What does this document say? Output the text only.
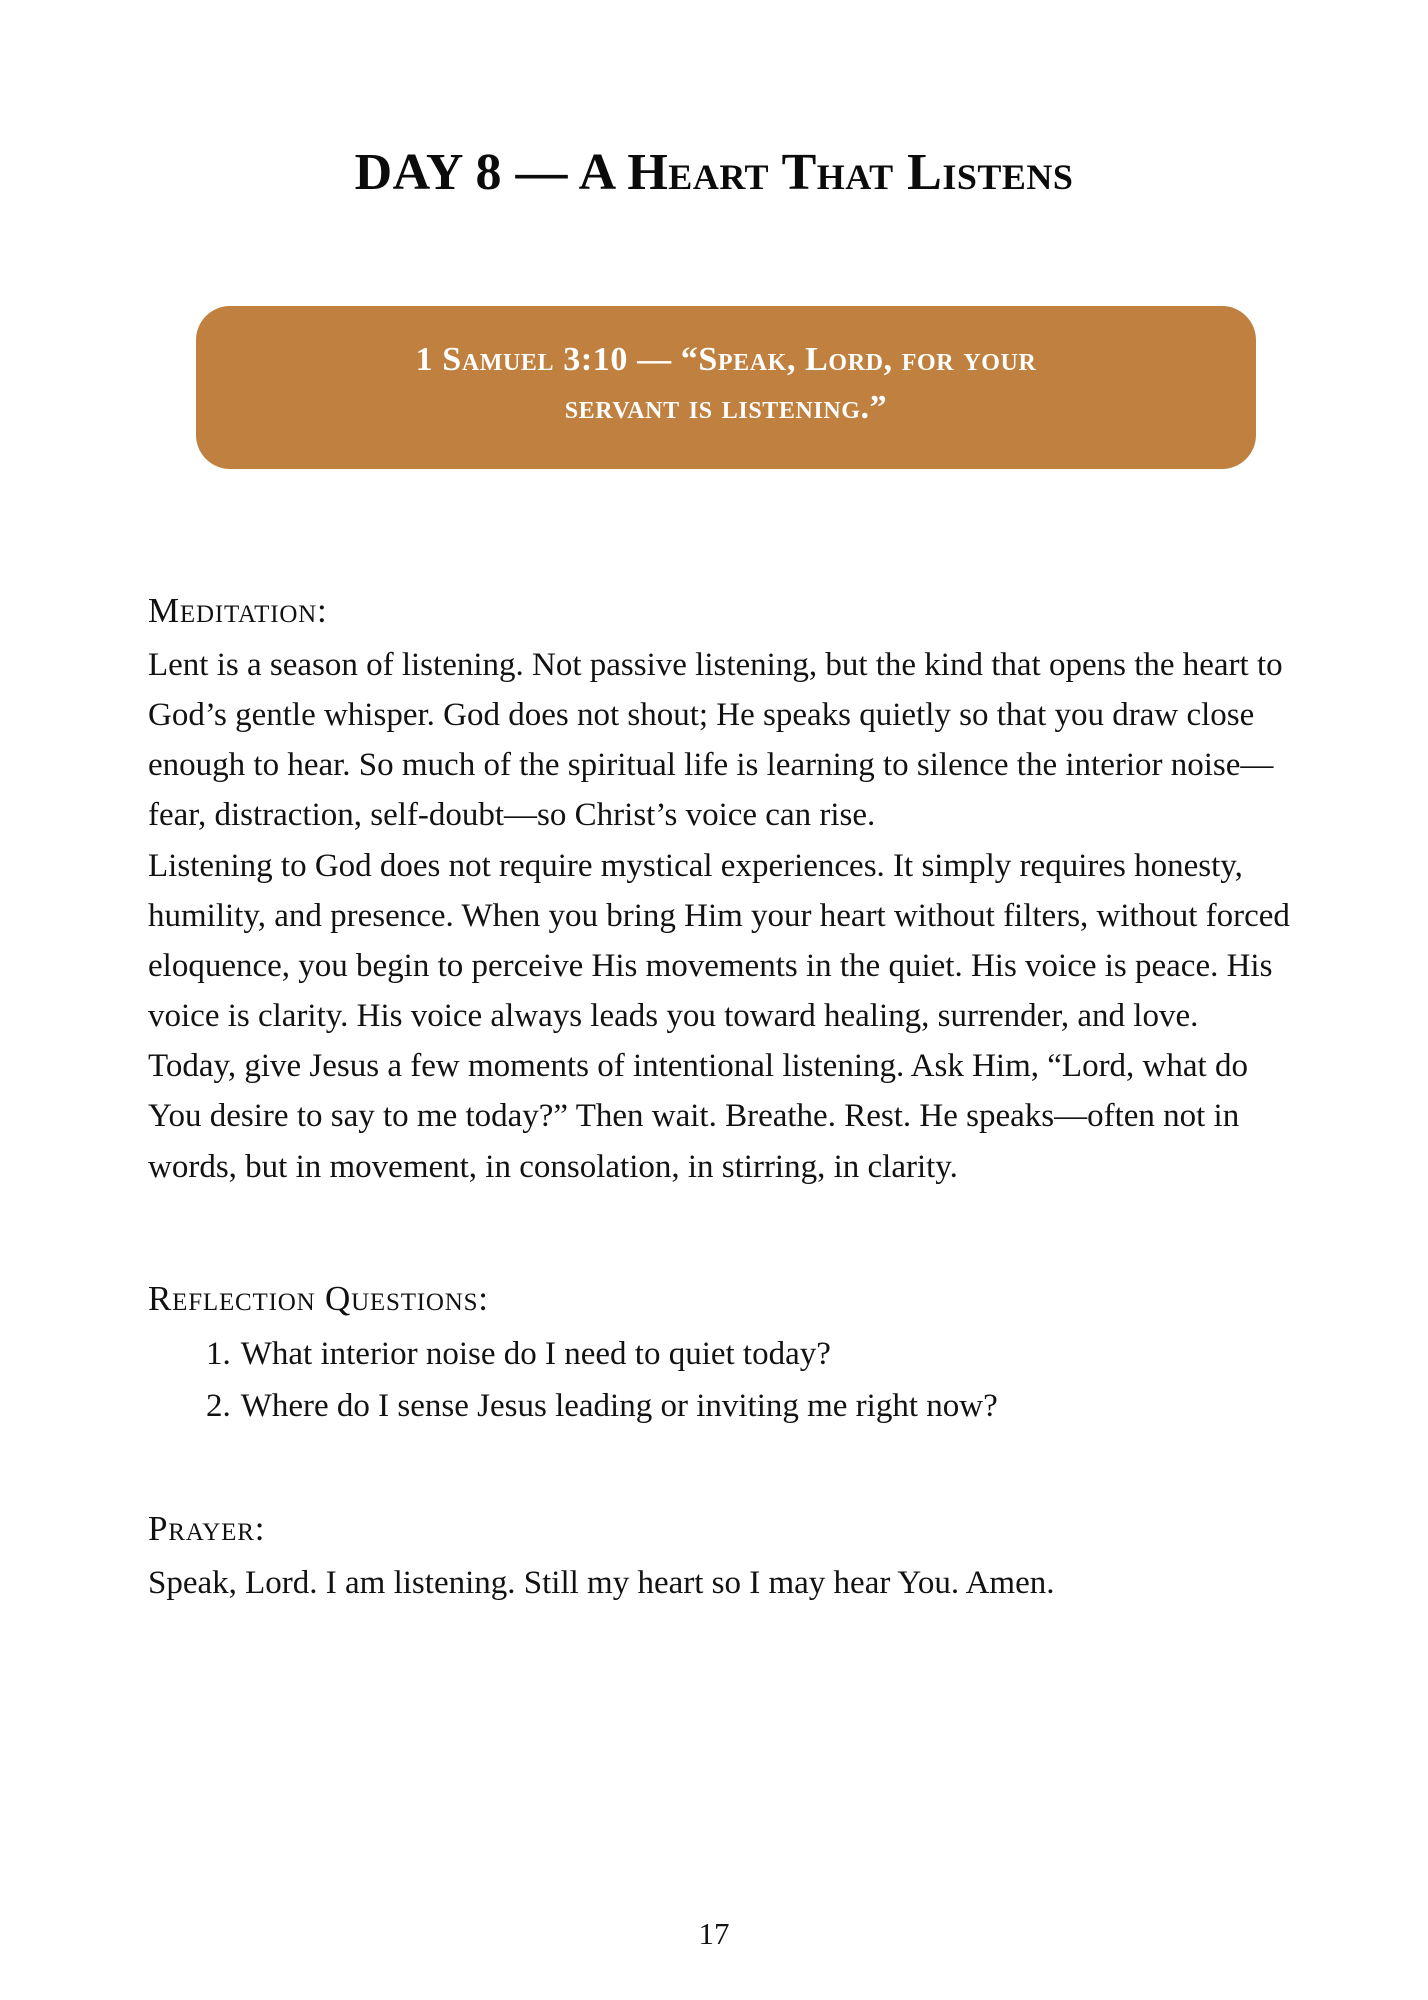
DAY 8 — A Heart That Listens
1 Samuel 3:10 — “Speak, Lord, for your
servant is listening.”
Meditation:

Lent is a season of listening. Not passive listening, but the kind that opens the heart to God’s gentle whisper. God does not shout; He speaks quietly so that you draw close enough to hear. So much of the spiritual life is learning to silence the interior noise—fear, distraction, self-doubt—so Christ’s voice can rise.

Listening to God does not require mystical experiences. It simply requires honesty, humility, and presence. When you bring Him your heart without filters, without forced eloquence, you begin to perceive His movements in the quiet. His voice is peace. His voice is clarity. His voice always leads you toward healing, surrender, and love.

Today, give Jesus a few moments of intentional listening. Ask Him, “Lord, what do You desire to say to me today?” Then wait. Breathe. Rest. He speaks—often not in words, but in movement, in consolation, in stirring, in clarity.

Reflection Questions:
1. What interior noise do I need to quiet today?
2. Where do I sense Jesus leading or inviting me right now?
Prayer:

Speak, Lord. I am listening. Still my heart so I may hear You. Amen.

17
